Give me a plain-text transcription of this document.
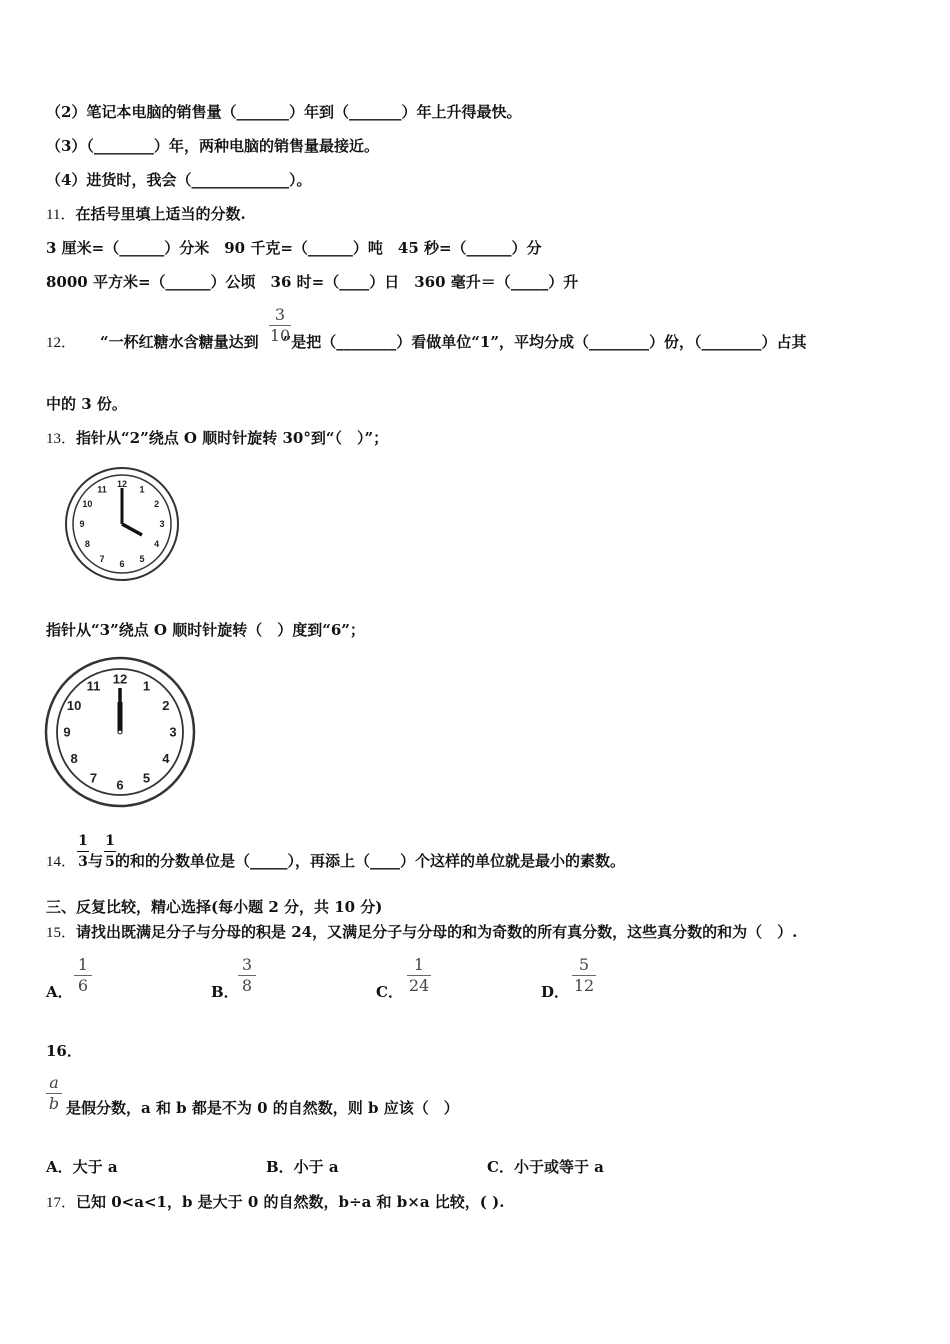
（2）笔记本电脑的销售量（_______）年到（_______）年上升得最快。
（3）（________）年，两种电脑的销售量最接近。
（4）进货时，我会（_____________）。
11．在括号里填上适当的分数.
3 厘米=（______）分米　90 千克=（______）吨　45 秒=（______）分
8000 平方米=（______）公顷　36 时=（____）日　360 毫升＝（_____）升
12． “一杯红糖水含糖量达到 ”是把（________）看做单位“1”，平均分成（________）份，（________）占其
3
10
中的 3 份。
13．指针从“2”绕点 O 顺时针旋转 30°到“（　）”；
12
1
2
3
4
5
6
7
8
9
10
11
指针从“3”绕点 O 顺时针旋转（　）度到“6”；
12 1
2
3
4
5
6
7
8
9
10
11
14． 与 的和的分数单位是（_____），再添上（____）个这样的单位就是最小的素数。
1
3
1
5
三、反复比较，精心选择(每小题 2 分，共 10 分)
15．请找出既满足分子与分母的积是 24，又满足分子与分母的和为奇数的所有真分数，这些真分数的和为（　）.
A．
1
6	B．
3
8	C．
1
24	D．
5
12
16．
a
b 是假分数，a 和 b 都是不为 0 的自然数，则 b 应该（　）
A．大于 a	B．小于 a	C．小于或等于 a
17．已知 0<a<1，b 是大于 0 的自然数，b÷a 和 b×a 比较，( ).
